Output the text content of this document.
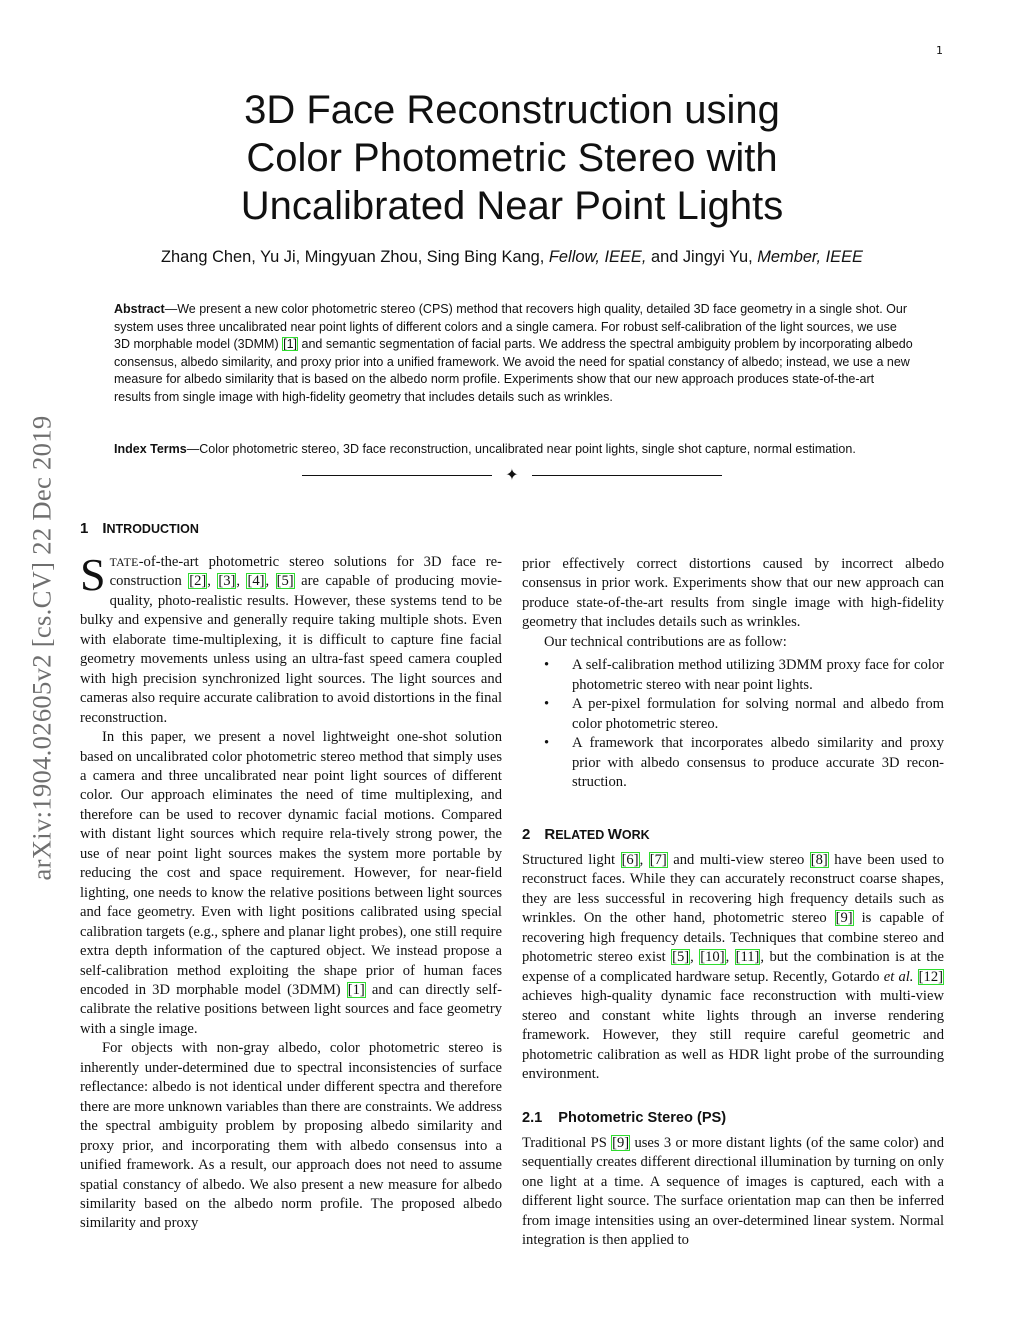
1
arXiv:1904.02605v2 [cs.CV] 22 Dec 2019
3D Face Reconstruction using
Color Photometric Stereo with
Uncalibrated Near Point Lights
Zhang Chen, Yu Ji, Mingyuan Zhou, Sing Bing Kang, Fellow, IEEE, and Jingyi Yu, Member, IEEE

Abstract—We present a new color photometric stereo (CPS) method that recovers high quality, detailed 3D face geometry in a single shot. Our system uses three uncalibrated near point lights of different colors and a single camera. For robust self-calibration of the light sources, we use 3D morphable model (3DMM) [1] and semantic segmentation of facial parts. We address the spectral ambiguity problem by incorporating albedo consensus, albedo similarity, and proxy prior into a unified framework. We avoid the need for spatial constancy of albedo; instead, we use a new measure for albedo similarity that is based on the albedo norm profile. Experiments show that our new approach produces state-of-the-art results from single image with high-fidelity geometry that includes details such as wrinkles.

Index Terms—Color photometric stereo, 3D face reconstruction, uncalibrated near point lights, single shot capture, normal estimation.
✦
1 INTRODUCTION

STATE-of-the-art photometric stereo solutions for 3D face re-construction [2], [3], [4], [5] are capable of producing movie-quality, photo-realistic results. However, these systems tend to be bulky and expensive and generally require taking multiple shots. Even with elaborate time-multiplexing, it is difficult to capture fine facial geometry movements unless using an ultra-fast speed camera coupled with high precision synchronized light sources. The light sources and cameras also require accurate calibration to avoid distortions in the final reconstruction.

In this paper, we present a novel lightweight one-shot solution based on uncalibrated color photometric stereo method that simply uses a camera and three uncalibrated near point light sources of different color. Our approach eliminates the need of time multiplexing, and therefore can be used to recover dynamic facial motions. Compared with distant light sources which require rela-tively strong power, the use of near point light sources makes the system more portable by reducing the cost and space requirement. However, for near-field lighting, one needs to know the relative positions between light sources and face geometry. Even with light positions calibrated using special calibration targets (e.g., sphere and planar light probes), one still require extra depth information of the captured object. We instead propose a self-calibration method exploiting the shape prior of human faces encoded in 3D morphable model (3DMM) [1] and can directly self-calibrate the relative positions between light sources and face geometry with a single image.

For objects with non-gray albedo, color photometric stereo is inherently under-determined due to spectral inconsistencies of surface reflectance: albedo is not identical under different spectra and therefore there are more unknown variables than there are constraints. We address the spectral ambiguity problem by proposing albedo similarity and proxy prior, and incorporating them with albedo consensus into a unified framework. As a result, our approach does not need to assume spatial constancy of albedo. We also present a new measure for albedo similarity based on the albedo norm profile. The proposed albedo similarity and proxy

prior effectively correct distortions caused by incorrect albedo consensus in prior work. Experiments show that our new approach can produce state-of-the-art results from single image with high-fidelity geometry that includes details such as wrinkles.

Our technical contributions are as follow:

• A self-calibration method utilizing 3DMM proxy face for color photometric stereo with near point lights.
• A per-pixel formulation for solving normal and albedo from color photometric stereo.
• A framework that incorporates albedo similarity and proxy prior with albedo consensus to produce accurate 3D recon-struction.
2 RELATED WORK

Structured light [6], [7] and multi-view stereo [8] have been used to reconstruct faces. While they can accurately reconstruct coarse shapes, they are less successful in recovering high frequency details such as wrinkles. On the other hand, photometric stereo [9] is capable of recovering high frequency details. Techniques that combine stereo and photometric stereo exist [5], [10], [11], but the combination is at the expense of a complicated hardware setup. Recently, Gotardo et al. [12] achieves high-quality dynamic face reconstruction with multi-view stereo and constant white lights through an inverse rendering framework. However, they still require careful geometric and photometric calibration as well as HDR light probe of the surrounding environment.

2.1 Photometric Stereo (PS)

Traditional PS [9] uses 3 or more distant lights (of the same color) and sequentially creates different directional illumination by turning on only one light at a time. A sequence of images is captured, each with a different light source. The surface orientation map can then be inferred from image intensities using an over-determined linear system. Normal integration is then applied to
